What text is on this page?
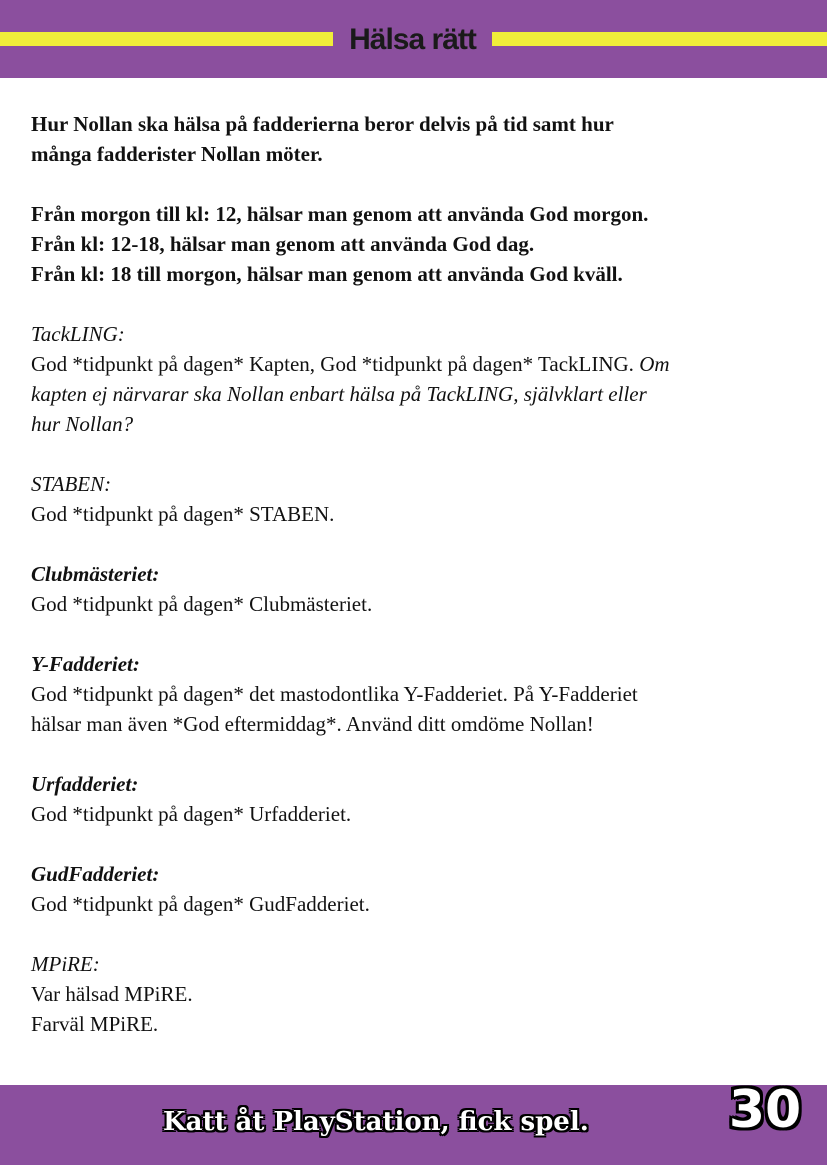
Hälsa rätt

Hur Nollan ska hälsa på fadderierna beror delvis på tid samt hur

många fadderister Nollan möter.

Från morgon till kl: 12, hälsar man genom att använda God morgon.

Från kl: 12-18, hälsar man genom att använda God dag.

Från kl: 18 till morgon, hälsar man genom att använda God kväll.

TackLING:

God *tidpunkt på dagen* Kapten, God *tidpunkt på dagen* TackLING. Om

kapten ej närvarar ska Nollan enbart hälsa på TackLING, självklart eller

hur Nollan?

STABEN:

God *tidpunkt på dagen* STABEN.

Clubmästeriet:

God *tidpunkt på dagen* Clubmästeriet.

Y-Fadderiet:

God *tidpunkt på dagen* det mastodontlika Y-Fadderiet. På Y-Fadderiet

hälsar man även *God eftermiddag*. Använd ditt omdöme Nollan!

Urfadderiet:

God *tidpunkt på dagen* Urfadderiet.

GudFadderiet:

God *tidpunkt på dagen* GudFadderiet.

MPiRE:

Var hälsad MPiRE.

Farväl MPiRE.

Katt åt PlayStation, fick spel.	30
